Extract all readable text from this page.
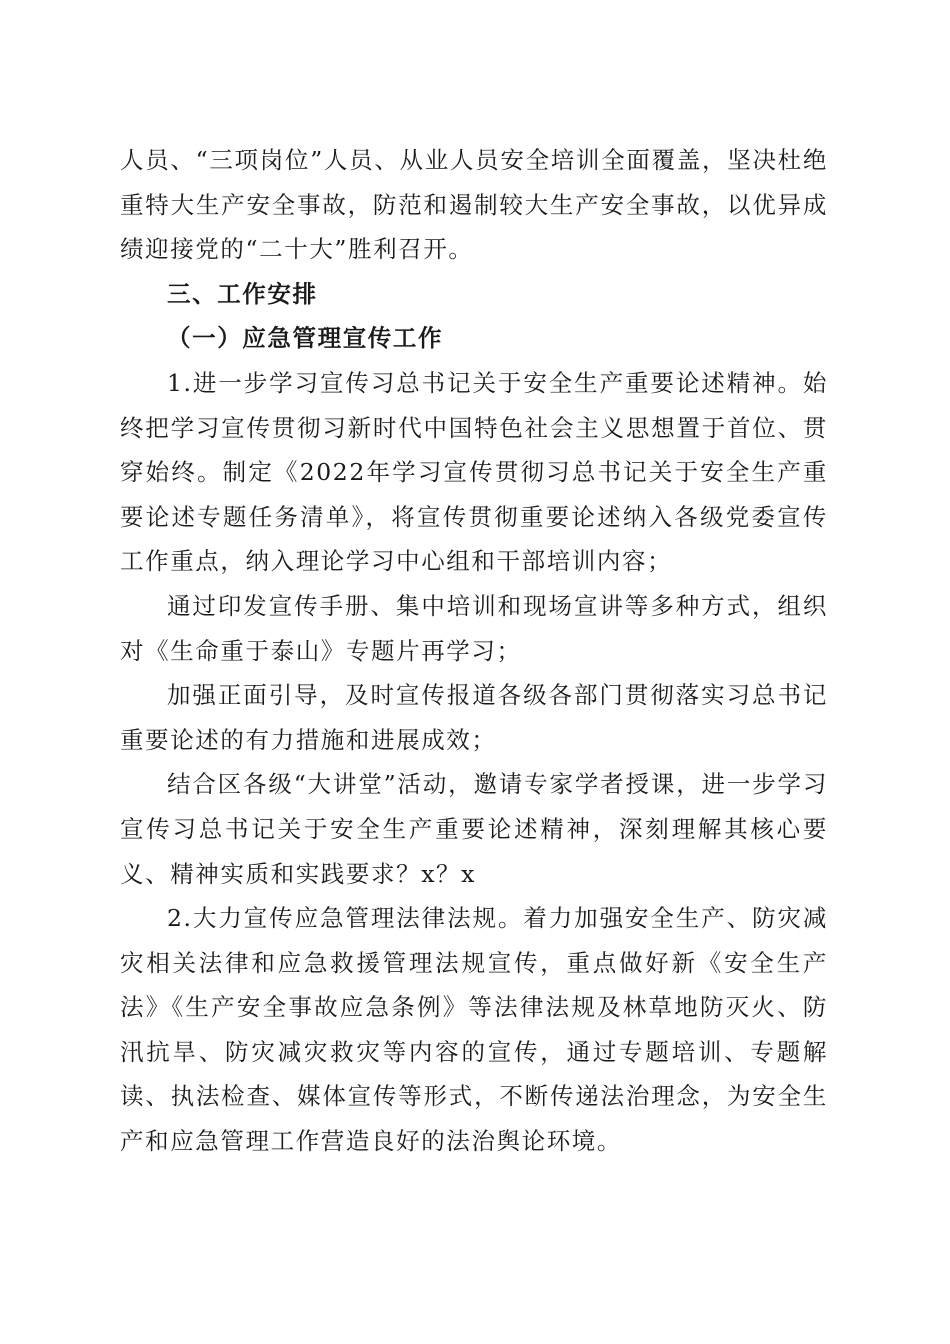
人员、“三项岗位”人员、从业人员安全培训全面覆盖，坚决杜绝重特大生产安全事故，防范和遏制较大生产安全事故，以优异成绩迎接党的“二十大”胜利召开。

三、工作安排

（一）应急管理宣传工作

1.进一步学习宣传习总书记关于安全生产重要论述精神。始终把学习宣传贯彻习新时代中国特色社会主义思想置于首位、贯穿始终。制定《2022年学习宣传贯彻习总书记关于安全生产重要论述专题任务清单》，将宣传贯彻重要论述纳入各级党委宣传工作重点，纳入理论学习中心组和干部培训内容；

通过印发宣传手册、集中培训和现场宣讲等多种方式，组织对《生命重于泰山》专题片再学习；

加强正面引导，及时宣传报道各级各部门贯彻落实习总书记重要论述的有力措施和进展成效；

结合区各级“大讲堂”活动，邀请专家学者授课，进一步学习宣传习总书记关于安全生产重要论述精神，深刻理解其核心要义、精神实质和实践要求？x？x

2.大力宣传应急管理法律法规。着力加强安全生产、防灾减灾相关法律和应急救援管理法规宣传，重点做好新《安全生产法》《生产安全事故应急条例》等法律法规及林草地防灭火、防汛抗旱、防灾减灾救灾等内容的宣传，通过专题培训、专题解读、执法检查、媒体宣传等形式，不断传递法治理念，为安全生产和应急管理工作营造良好的法治舆论环境。
